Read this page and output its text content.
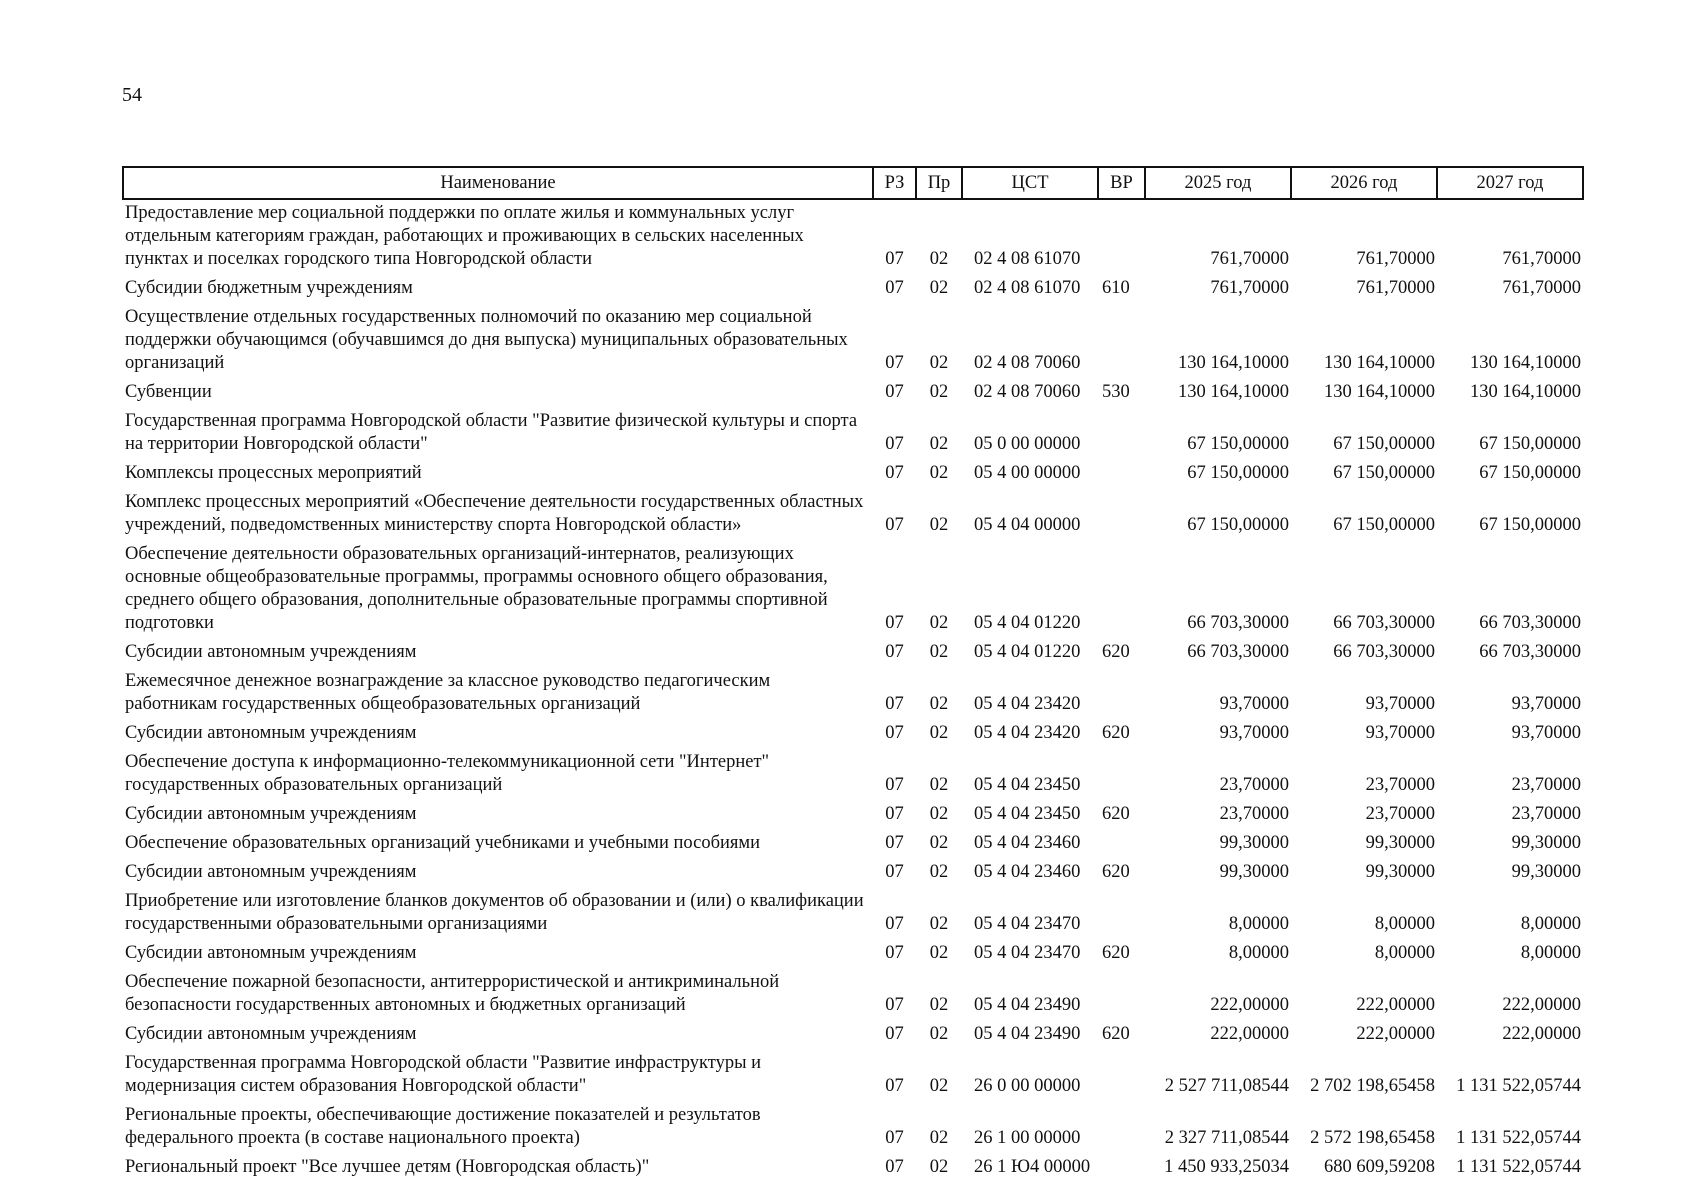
54
Наименование	РЗ	Пр	ЦСТ	ВР	2025 год	2026 год	2027 год
Предоставление мер социальной поддержки по оплате жилья и коммунальных услуг отдельным категориям граждан, работающих и проживающих в сельских населенных пунктах и поселках городского типа Новгородской области	07	02	02 4 08 61070		761,70000	761,70000	761,70000
Субсидии бюджетным учреждениям	07	02	02 4 08 61070	610	761,70000	761,70000	761,70000
Осуществление отдельных государственных полномочий по оказанию мер социальной поддержки обучающимся (обучавшимся до дня выпуска) муниципальных образовательных организаций	07	02	02 4 08 70060		130 164,10000	130 164,10000	130 164,10000
Субвенции	07	02	02 4 08 70060	530	130 164,10000	130 164,10000	130 164,10000
Государственная программа Новгородской области "Развитие физической культуры и спорта на территории Новгородской области"	07	02	05 0 00 00000		67 150,00000	67 150,00000	67 150,00000
Комплексы процессных мероприятий	07	02	05 4 00 00000		67 150,00000	67 150,00000	67 150,00000
Комплекс процессных мероприятий «Обеспечение деятельности государственных областных учреждений, подведомственных министерству спорта Новгородской области»	07	02	05 4 04 00000		67 150,00000	67 150,00000	67 150,00000
Обеспечение деятельности образовательных организаций-интернатов, реализующих основные общеобразовательные программы, программы основного общего образования, среднего общего образования, дополнительные образовательные программы спортивной подготовки	07	02	05 4 04 01220		66 703,30000	66 703,30000	66 703,30000
Субсидии автономным учреждениям	07	02	05 4 04 01220	620	66 703,30000	66 703,30000	66 703,30000
Ежемесячное денежное вознаграждение за классное руководство педагогическим работникам государственных общеобразовательных организаций	07	02	05 4 04 23420		93,70000	93,70000	93,70000
Субсидии автономным учреждениям	07	02	05 4 04 23420	620	93,70000	93,70000	93,70000
Обеспечение доступа к информационно-телекоммуникационной сети "Интернет" государственных образовательных организаций	07	02	05 4 04 23450		23,70000	23,70000	23,70000
Субсидии автономным учреждениям	07	02	05 4 04 23450	620	23,70000	23,70000	23,70000
Обеспечение образовательных организаций учебниками и учебными пособиями	07	02	05 4 04 23460		99,30000	99,30000	99,30000
Субсидии автономным учреждениям	07	02	05 4 04 23460	620	99,30000	99,30000	99,30000
Приобретение или изготовление бланков документов об образовании и (или) о квалификации государственными образовательными организациями	07	02	05 4 04 23470		8,00000	8,00000	8,00000
Субсидии автономным учреждениям	07	02	05 4 04 23470	620	8,00000	8,00000	8,00000
Обеспечение пожарной безопасности, антитеррористической и антикриминальной безопасности государственных автономных и бюджетных организаций	07	02	05 4 04 23490		222,00000	222,00000	222,00000
Субсидии автономным учреждениям	07	02	05 4 04 23490	620	222,00000	222,00000	222,00000
Государственная программа Новгородской области "Развитие инфраструктуры и модернизация систем образования Новгородской области"	07	02	26 0 00 00000		2 527 711,08544	2 702 198,65458	1 131 522,05744
Региональные проекты, обеспечивающие достижение показателей и результатов федерального проекта (в составе национального проекта)	07	02	26 1 00 00000		2 327 711,08544	2 572 198,65458	1 131 522,05744
Региональный проект "Все лучшее детям (Новгородская область)"	07	02	26 1 Ю4 00000		1 450 933,25034	680 609,59208	1 131 522,05744
